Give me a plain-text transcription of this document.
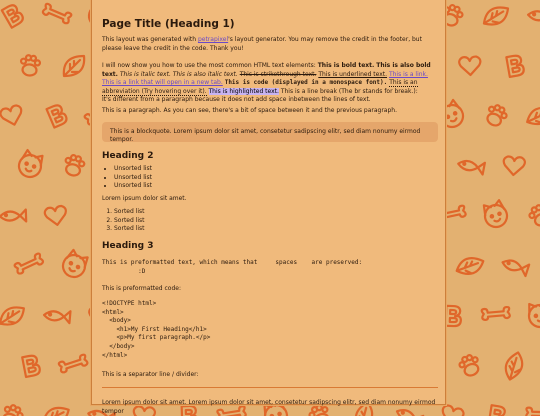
Page Title (Heading 1)
This layout was generated with petrapixel's layout generator. You may remove the credit in the footer, but please leave the credit in the code. Thank you!
I will now show you how to use the most common HTML text elements: This is bold text. This is also bold text. This is italic text. This is also italic text. This is strikethrough text. This is underlined text. This is a link. This is a link that will open in a new tab. This is code (displayed in a monospace font). This is an abbreviation (Try hovering over it). This is highlighted text. This is a line break (The br stands for break.):
It's different from a paragraph because it does not add space inbetween the lines of text.
This is a paragraph. As you can see, there's a bit of space between it and the previous paragraph.
This is a blockquote. Lorem ipsum dolor sit amet, consetetur sadipscing elitr, sed diam nonumy eirmod tempor.
Heading 2
• Unsorted list
• Unsorted list
• Unsorted list
Lorem ipsum dolor sit amet.
1. Sorted list
2. Sorted list
3. Sorted list
Heading 3
This is preformatted text, which means that     spaces    are preserved:
:D
This is preformatted code:
<!DOCTYPE html>
<html>
<body>
<h1>My First Heading</h1>
<p>My first paragraph.</p>
</body>
</html>
This is a separator line / divider:
Lorem ipsum dolor sit amet. Lorem ipsum dolor sit amet, consetetur sadipscing elitr, sed diam nonumy eirmod tempor
